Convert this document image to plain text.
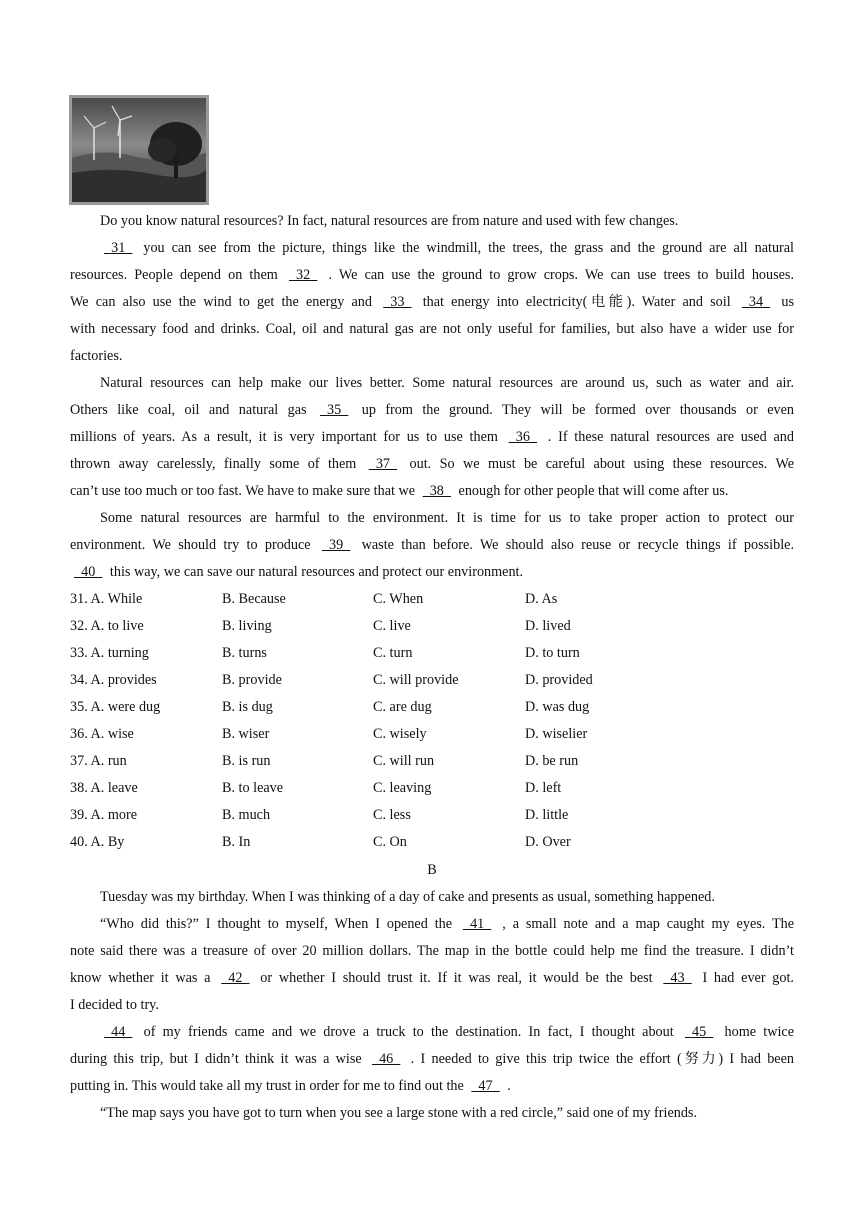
Do you know natural resources? In fact, natural resources are from nature and used with few changes.
31   you can see from the picture, things like the windmill, the trees, the grass and the ground are all natural
resources. People depend on them   32   . We can use the ground to grow crops. We can use trees to build houses.
We can also use the wind to get the energy and   33   that energy into electricity(电能). Water and soil   34   us
with necessary food and drinks. Coal, oil and natural gas are not only useful for families, but also have a wider use for
factories.
Natural resources can help make our lives better. Some natural resources are around us, such as water and air.
Others like coal, oil and natural gas   35   up from the ground. They will be formed over thousands or even
millions of years. As a result, it is very important for us to use them   36   . If these natural resources are used and
thrown away carelessly, finally some of them   37   out. So we must be careful about using these resources. We
can’t use too much or too fast. We have to make sure that we   38   enough for other people that will come after us.
Some natural resources are harmful to the environment. It is time for us to take proper action to protect our
environment. We should try to produce   39   waste than before. We should also reuse or recycle things if possible.
40   this way, we can save our natural resources and protect our environment.
31. A. While	B. Because	C. When	D. As
32. A. to live	B. living	C. live	D. lived
33. A. turning	B. turns	C. turn	D. to turn
34. A. provides	B. provide	C. will provide	D. provided
35. A. were dug	B. is dug	C. are dug	D. was dug
36. A. wise	B. wiser	C. wisely	D. wiselier
37. A. run	B. is run	C. will run	D. be run
38. A. leave	B. to leave	C. leaving	D. left
39. A. more	B. much	C. less	D. little
40. A. By	B. In	C. On	D. Over
B
Tuesday was my birthday. When I was thinking of a day of cake and presents as usual, something happened.
“Who did this?” I thought to myself, When I opened the   41   , a small note and a map caught my eyes. The
note said there was a treasure of over 20 million dollars. The map in the bottle could help me find the treasure. I didn’t
know whether it was a   42   or whether I should trust it. If it was real, it would be the best   43   I had ever got.
I decided to try.
44   of my friends came and we drove a truck to the destination. In fact, I thought about   45   home twice
during this trip, but I didn’t think it was a wise   46   . I needed to give this trip twice the effort (努力) I had been
putting in. This would take all my trust in order for me to find out the   47   .
“The map says you have got to turn when you see a large stone with a red circle,” said one of my friends.
